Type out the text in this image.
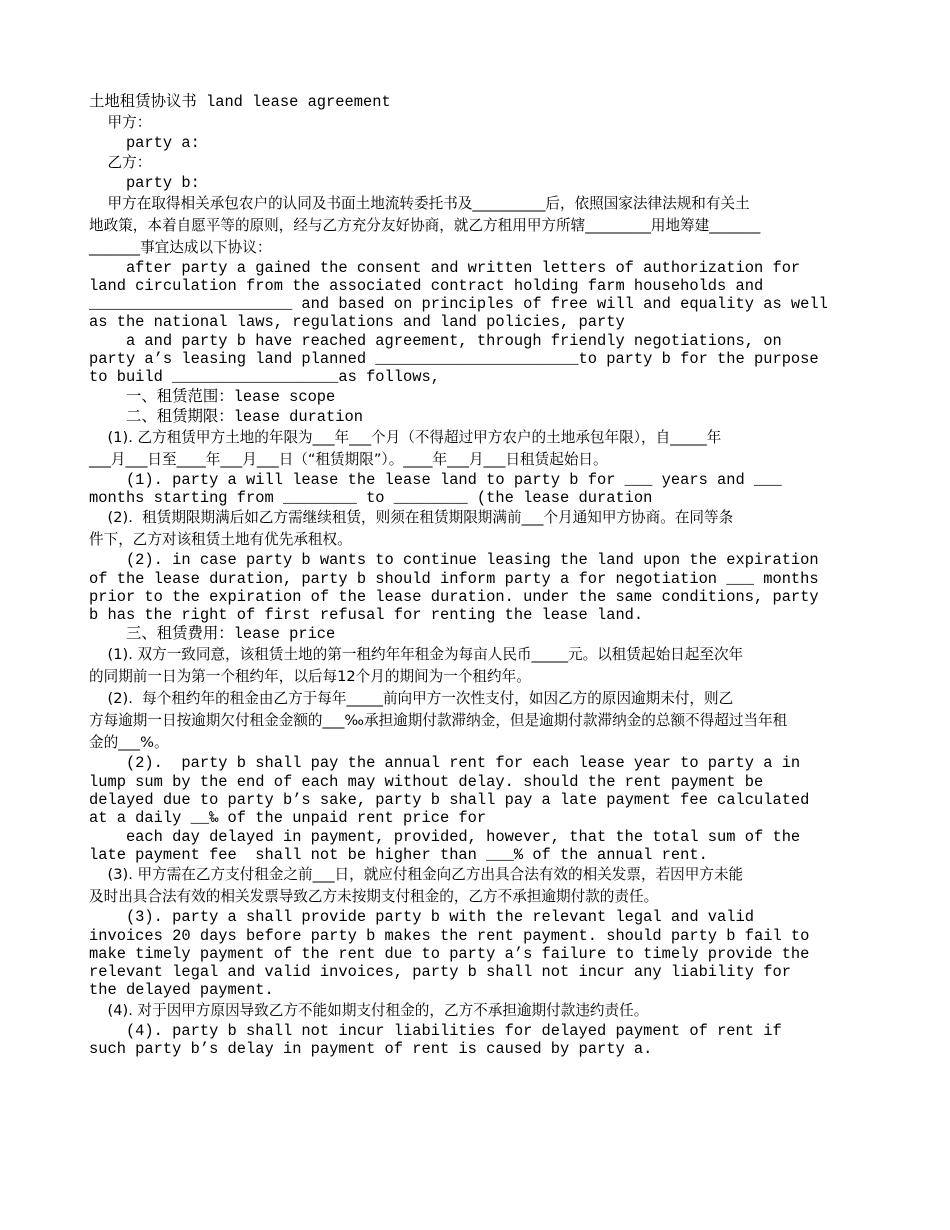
土地租赁协议书 land lease agreement
甲方：
party a:
乙方：
party b:
甲方在取得相关承包农户的认同及书面土地流转委托书及__________后，依照国家法律法规和有关土
地政策，本着自愿平等的原则，经与乙方充分友好协商，就乙方租用甲方所辖_________用地筹建_______
_______事宜达成以下协议：
after party a gained the consent and written letters of authorization for
land circulation from the associated contract holding farm households and
______________________ and based on principles of free will and equality as well
as the national laws, regulations and land policies, party
a and party b have reached agreement, through friendly negotiations, on
party a’s leasing land planned ______________________to party b for the purpose
to build __________________as follows,
一、租赁范围：lease scope
二、租赁期限：lease duration
(1). 乙方租赁甲方土地的年限为___年___个月（不得超过甲方农户的土地承包年限），自_____年
___月___日至____年___月___日（“租赁期限”）。____年___月___日租赁起始日。
(1). party a will lease the lease land to party b for ___ years and ___
months starting from ________ to ________ (the lease duration
(2).  租赁期限期满后如乙方需继续租赁，则须在租赁期限期满前___个月通知甲方协商。在同等条
件下，乙方对该租赁土地有优先承租权。
(2). in case party b wants to continue leasing the land upon the expiration
of the lease duration, party b should inform party a for negotiation ___ months
prior to the expiration of the lease duration. under the same conditions, party
b has the right of first refusal for renting the lease land.
三、租赁费用：lease price
(1). 双方一致同意，该租赁土地的第一租约年年租金为每亩人民币_____元。以租赁起始日起至次年
的同期前一日为第一个租约年，以后每12个月的期间为一个租约年。
(2).  每个租约年的租金由乙方于每年_____前向甲方一次性支付，如因乙方的原因逾期未付，则乙
方每逾期一日按逾期欠付租金金额的___‰承担逾期付款滞纳金，但是逾期付款滞纳金的总额不得超过当年租
金的___%。
(2).  party b shall pay the annual rent for each lease year to party a in
lump sum by the end of each may without delay. should the rent payment be
delayed due to party b’s sake, party b shall pay a late payment fee calculated
at a daily __‰ of the unpaid rent price for
each day delayed in payment, provided, however, that the total sum of the
late payment fee  shall not be higher than ___% of the annual rent.
(3). 甲方需在乙方支付租金之前___日，就应付租金向乙方出具合法有效的相关发票，若因甲方未能
及时出具合法有效的相关发票导致乙方未按期支付租金的，乙方不承担逾期付款的责任。
(3). party a shall provide party b with the relevant legal and valid
invoices 20 days before party b makes the rent payment. should party b fail to
make timely payment of the rent due to party a’s failure to timely provide the
relevant legal and valid invoices, party b shall not incur any liability for
the delayed payment.
(4). 对于因甲方原因导致乙方不能如期支付租金的，乙方不承担逾期付款违约责任。
(4). party b shall not incur liabilities for delayed payment of rent if
such party b’s delay in payment of rent is caused by party a.
